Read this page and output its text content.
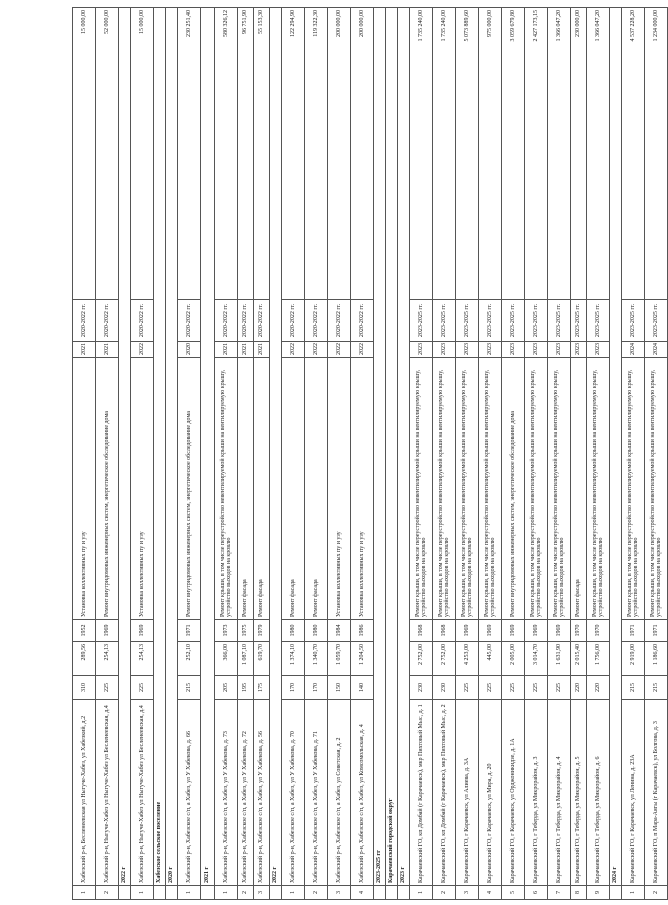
1	Хабезский р-н, Бесленеевская ул Ныгуче-Хабез, ул Хабезкий, д.2	310	289,56	1952	Установка коллективных пу и узу	2021	2020-2022 гг.	15 000,00
2	Хабезский р-н, Ныгуче-Хабез ул Ныгуче-Хабез ул Бесленеевская, д.4	225	254,13	1969	Ремонт внутридомовых инженерных систем, энергетическое обследование дома	2021	2020-2022 гг.	52 000,00
	2022 г							
1	Хабезский р-н, Ныгуче-Хабез ул Ныгуче-Хабез ул Бесленеевская, д.4	225	254,13	1969	Установка коллективных пу и узу	2022	2020-2022 гг.	15 000,00
	Хабезское сельское поселение							
	2020 г							
1	Хабезский р-н, Хабезское с/п, а Хабез, ул У Хабекова, д. 66	215	252,10	1971	Ремонт внутридомовых инженерных систем, энергетическое обследование дома	2020	2020-2022 гг.	230 251,40
	2021 г							
1	Хабезский р-н, Хабезское с/п, а Хабез, ул У Хабекова, д. 73	205	366,00	1973	Ремонт крыши, в том числе переустройство невентилируемой крыши на вентилируемую крышу, устройство выходов на кровлю	2021	2020-2022 гг.	580 326,12
2	Хабезский р-н, Хабезское с/п, а Хабез, ул У Хабекова, д. 72	195	1 087,10	1975	Ремонт фасада	2021	2020-2022 гг.	96 751,90
3	Хабезский р-н, Хабезское с/п, а Хабез, ул У Хабекова, д. 56	175	619,70	1979	Ремонт фасада	2021	2020-2022 гг.	55 153,30
	2022 г							
1	Хабезский р-н, Хабезское с/п, а Хабез, ул У Хабекова, д. 70	170	1 374,10	1980	Ремонт фасада	2022	2020-2022 гг.	122 294,90
2	Хабезский р-н, Хабезское с/п, а Хабез, ул У Хабекова, д. 71	170	1 340,70	1980	Ремонт фасада	2022	2020-2022 гг.	119 322,30
3	Хабезский р-н, Хабезское с/п, а Хабез, ул Советская, д. 2	150	1 059,70	1984	Установка коллективных пу и узу	2022	2020-2022 гг.	200 000,00
4	Хабезский р-н, Хабезское с/п, а Хабез, ул Комсомольская, д. 4	140	1 204,50	1986	Установка коллективных пу и узу	2022	2020-2022 гг.	200 000,00
	2023-2025 гг							
	Карачаевский городской округ							
	2023 г							
1	Карачаевский ГО, кп Домбай (г Карачаевск), мкр Пихтовый Мыс, д. 1	230	2 752,00	1968	Ремонт крыши, в том числе переустройство невентилируемой крыши на вентилируемую крышу, устройство выходов на кровлю	2023	2023-2025 гг.	1 735 240,00
2	Карачаевский ГО, кп Домбай (г Карачаевск), мкр Пихтовый Мыс, д. 2	230	2 752,00	1968	Ремонт крыши, в том числе переустройство невентилируемой крыши на вентилируемую крышу, устройство выходов на кровлю	2023	2023-2025 гг.	1 735 240,00
3	Карачаевский ГО, г Карачаевск, ул Алиева, д. 3А	225	4 253,00	1969	Ремонт крыши, в том числе переустройство невентилируемой крыши на вентилируемую крышу, устройство выходов на кровлю	2023	2023-2025 гг.	5 073 889,60
4	Карачаевский ГО, г Карачаевск, ул Мира, д. 20	225	445,00	1969	Ремонт крыши, в том числе переустройство невентилируемой крыши на вентилируемую крышу, устройство выходов на кровлю	2023	2023-2025 гг.	975 000,00
5	Карачаевский ГО, г Карачаевск, ул Орджоникидзе, д. 1А	225	2 005,00	1969	Ремонт внутридомовых инженерных систем, энергетическое обследование дома	2023	2023-2025 гг.	3 059 679,80
6	Карачаевский ГО, г Теберда, ул Микрорайон, д. 3	225	3 014,70	1969	Ремонт крыши, в том числе переустройство невентилируемой крыши на вентилируемую крышу, устройство выходов на кровлю	2023	2023-2025 гг.	2 427 173,15
7	Карачаевский ГО, г Теберда, ул Микрорайон, д. 4	225	1 631,90	1969	Ремонт крыши, в том числе переустройство невентилируемой крыши на вентилируемую крышу, устройство выходов на кровлю	2023	2023-2025 гг.	1 366 047,20
8	Карачаевский ГО, г Теберда, ул Микрорайон, д. 5	220	2 015,40	1970	Ремонт фасада	2023	2023-2025 гг.	230 000,00
9	Карачаевский ГО, г Теберда, ул Микрорайон, д. 6	220	1 756,00	1970	Ремонт крыши, в том числе переустройство невентилируемой крыши на вентилируемую крышу, устройство выходов на кровлю	2023	2023-2025 гг.	1 366 047,20
	2024 г							
1	Карачаевский ГО, г Карачаевск, ул Ленина, д. 23А	215	2 919,00	1971	Ремонт крыши, в том числе переустройство невентилируемой крыши на вентилируемую крышу, устройство выходов на кровлю	2024	2023-2025 гг.	4 537 228,20
2	Карачаевский ГО, п Мара-Аягы (г Карачаевск), ул Болгова, д. 3	215	1 186,60	1971	Ремонт крыши, в том числе переустройство невентилируемой крыши на вентилируемую крышу, устройство выходов на кровлю	2024	2023-2025 гг.	1 234 000,00
